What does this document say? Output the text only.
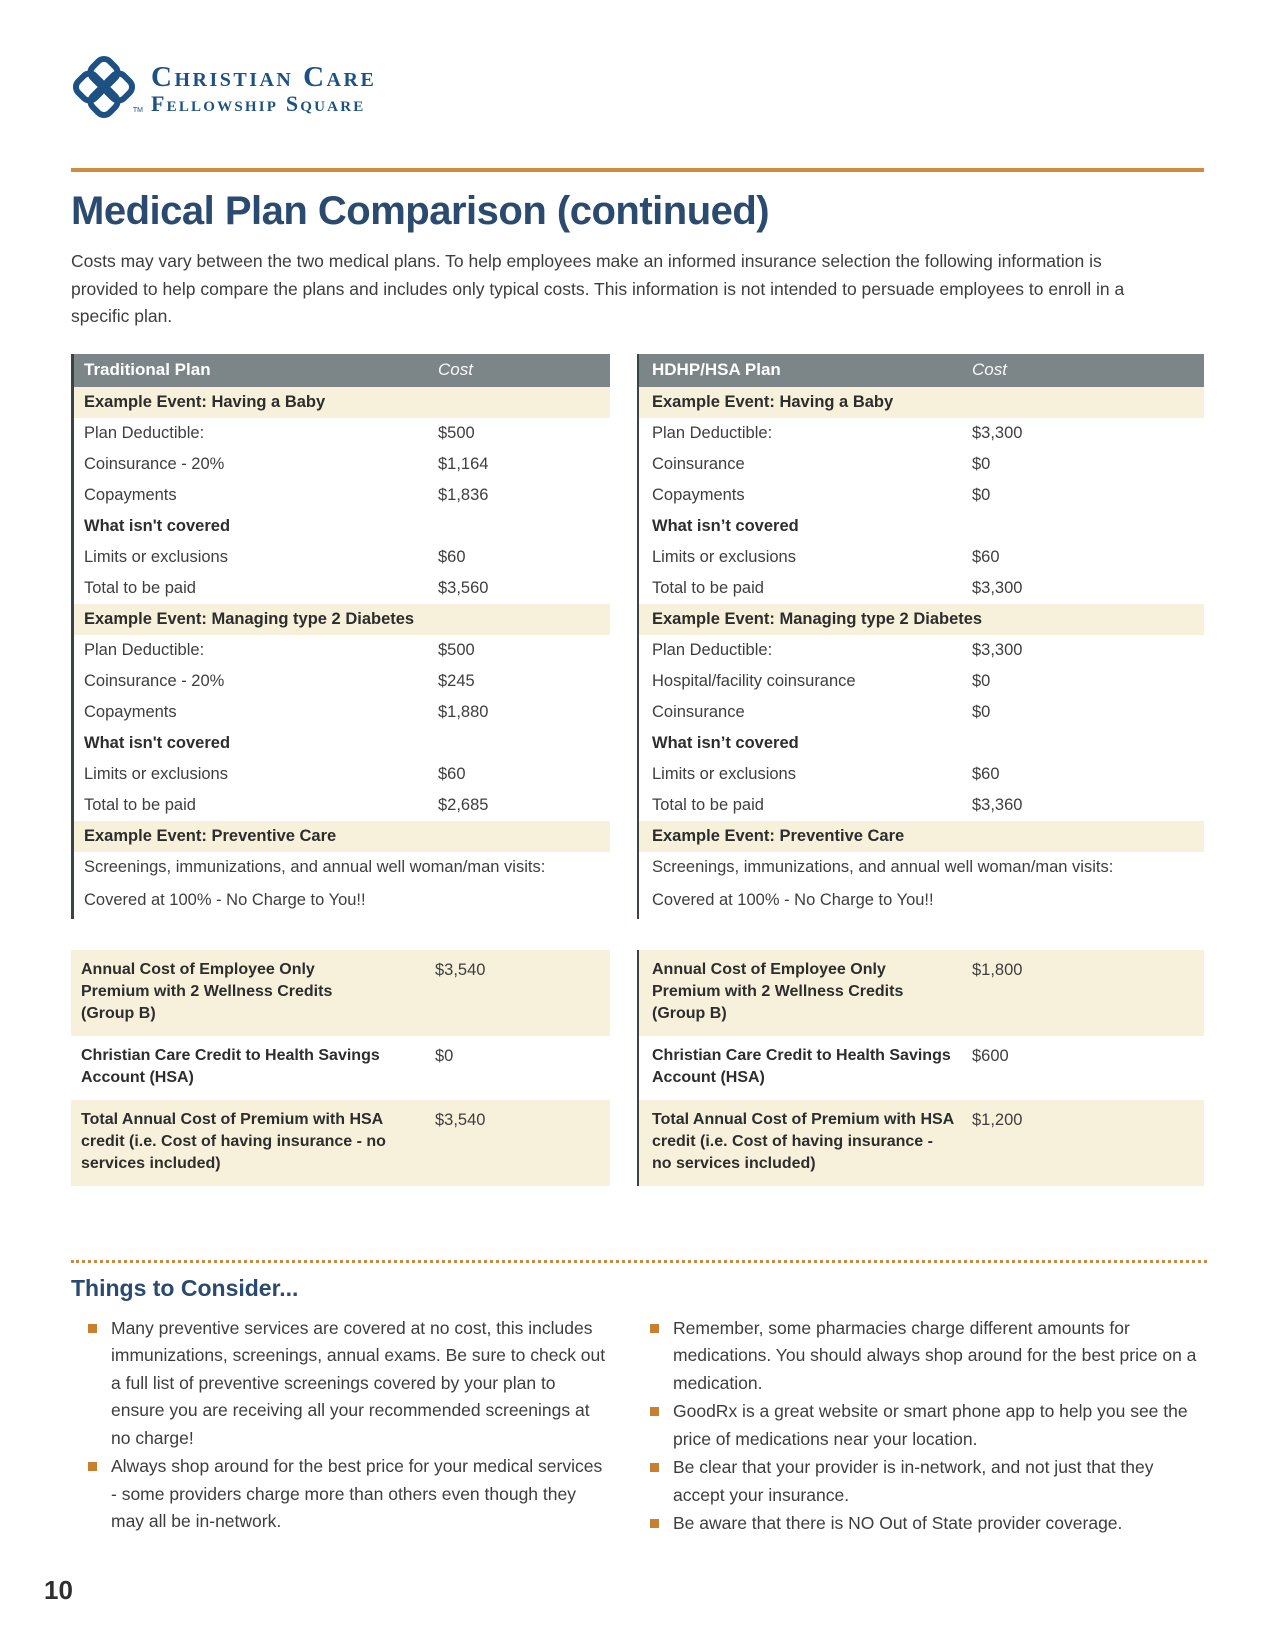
TM
Christian Care
Fellowship Square
Medical Plan Comparison (continued)

Costs may vary between the two medical plans. To help employees make an informed insurance selection the following information is provided to help compare the plans and includes only typical costs. This information is not intended to persuade employees to enroll in a specific plan.

Traditional Plan	Cost
Example Event: Having a Baby
Plan Deductible:	$500
Coinsurance - 20%	$1,164
Copayments	$1,836
What isn't covered
Limits or exclusions	$60
Total to be paid	$3,560
Example Event: Managing type 2 Diabetes
Plan Deductible:	$500
Coinsurance - 20%	$245
Copayments	$1,880
What isn't covered
Limits or exclusions	$60
Total to be paid	$2,685
Example Event: Preventive Care
Screenings, immunizations, and annual well woman/man visits:
Covered at 100% - No Charge to You!!
HDHP/HSA Plan	Cost
Example Event: Having a Baby
Plan Deductible:	$3,300
Coinsurance	$0
Copayments	$0
What isn’t covered
Limits or exclusions	$60
Total to be paid	$3,300
Example Event: Managing type 2 Diabetes
Plan Deductible:	$3,300
Hospital/facility coinsurance	$0
Coinsurance	$0
What isn’t covered
Limits or exclusions	$60
Total to be paid	$3,360
Example Event: Preventive Care
Screenings, immunizations, and annual well woman/man visits:
Covered at 100% - No Charge to You!!
Annual Cost of Employee Only
Premium with 2 Wellness Credits
(Group B)
$3,540
Christian Care Credit to Health Savings
Account (HSA)
$0
Total Annual Cost of Premium with HSA
credit (i.e. Cost of having insurance - no
services included)
$3,540
Annual Cost of Employee Only
Premium with 2 Wellness Credits
(Group B)
$1,800
Christian Care Credit to Health Savings
Account (HSA)
$600
Total Annual Cost of Premium with HSA
credit (i.e. Cost of having insurance -
no services included)
$1,200
Things to Consider...
Many preventive services are covered at no cost, this includes immunizations, screenings, annual exams. Be sure to check out a full list of preventive screenings covered by your plan to ensure you are receiving all your recommended screenings at no charge!
Always shop around for the best price for your medical services - some providers charge more than others even though they may all be in-network.
Remember, some pharmacies charge different amounts for medications. You should always shop around for the best price on a medication.
GoodRx is a great website or smart phone app to help you see the price of medications near your location.
Be clear that your provider is in-network, and not just that they accept your insurance.
Be aware that there is NO Out of State provider coverage.
10
